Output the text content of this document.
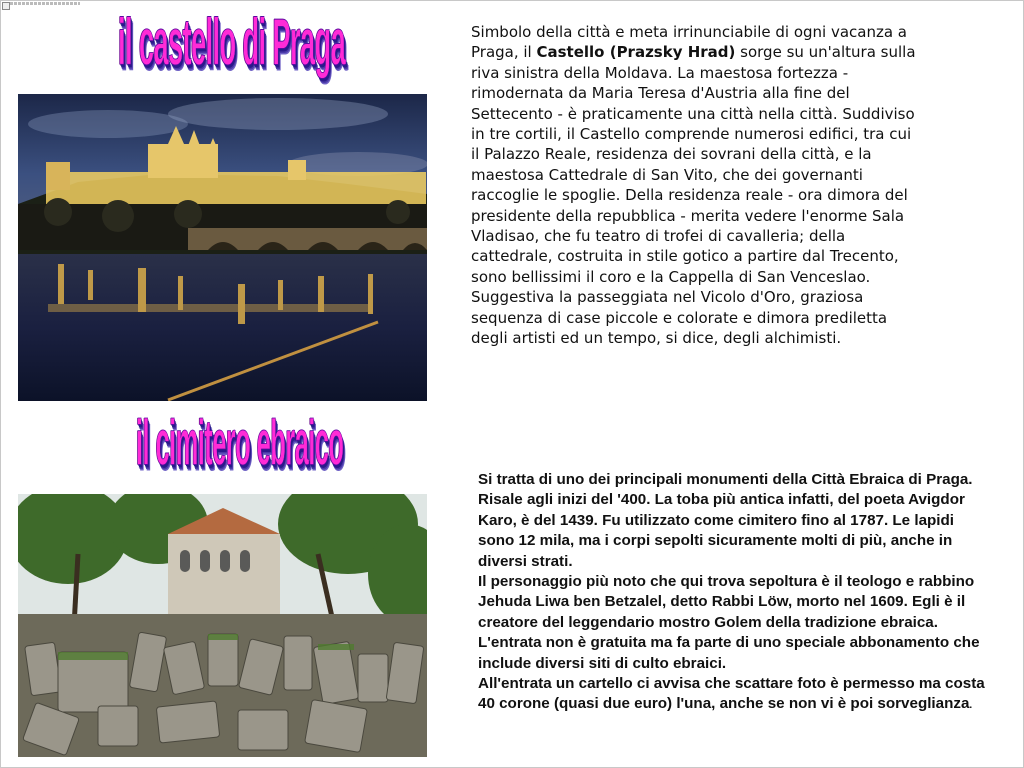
il castello di Praga	Simbolo della città e meta irrinunciabile di ogni vacanza a Praga, il Castello (Prazsky Hrad) sorge su un'altura sulla riva sinistra della Moldava. La maestosa fortezza - rimodernata da Maria Teresa d'Austria alla fine del Settecento - è praticamente una città nella città. Suddiviso in tre cortili, il Castello comprende numerosi edifici, tra cui il Palazzo Reale, residenza dei sovrani della città, e la maestosa Cattedrale di San Vito, che dei governanti raccoglie le spoglie. Della residenza reale - ora dimora del presidente della repubblica - merita vedere l'enorme Sala Vladisao, che fu teatro di trofei di cavalleria; della cattedrale, costruita in stile gotico a partire dal Trecento, sono bellissimi il coro e la Cappella di San Venceslao. Suggestiva la passeggiata nel Vicolo d'Oro, graziosa sequenza di case piccole e colorate e dimora prediletta degli artisti ed un tempo, si dice, degli alchimisti.
il cimitero ebraico

Si tratta di uno dei principali monumenti della Città Ebraica di Praga. Risale agli inizi del '400. La toba più antica infatti, del poeta Avigdor Karo, è del 1439. Fu utilizzato come cimitero fino al 1787. Le lapidi sono 12 mila, ma i corpi sepolti sicuramente molti di più, anche in diversi strati.

Il personaggio più noto che qui trova sepoltura è il teologo e rabbino Jehuda Liwa ben Betzalel, detto Rabbi Löw, morto nel 1609. Egli è il creatore del leggendario mostro Golem della tradizione ebraica.

L'entrata non è gratuita ma fa parte di uno speciale abbonamento che include diversi siti di culto ebraici.

All'entrata un cartello ci avvisa che scattare foto è permesso ma costa 40 corone (quasi due euro) l'una, anche se non vi è poi sorveglianza.
